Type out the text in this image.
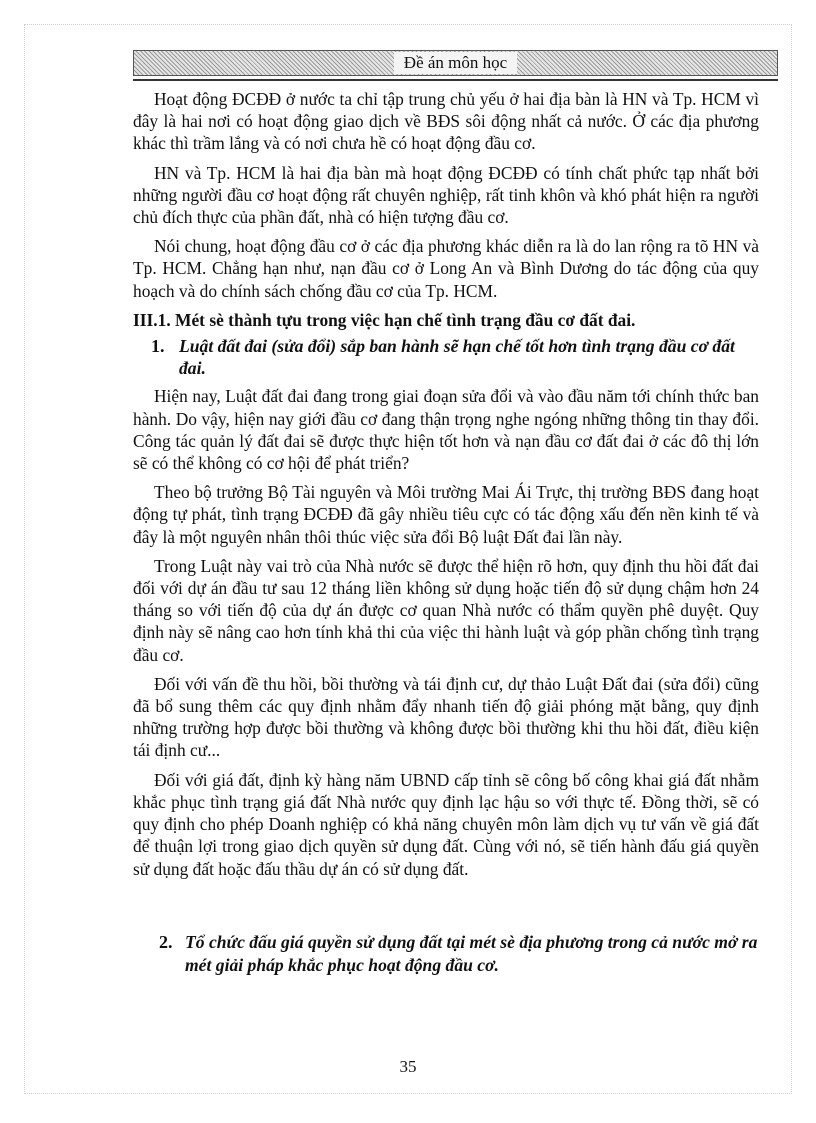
Đề án môn học

Hoạt động ĐCĐĐ ở nước ta chỉ tập trung chủ yếu ở hai địa bàn là HN và Tp. HCM vì đây là hai nơi có hoạt động giao dịch về BĐS sôi động nhất cả nước. Ở các địa phương khác thì trầm lắng và có nơi chưa hề có hoạt động đầu cơ.

HN và Tp. HCM là hai địa bàn mà hoạt động ĐCĐĐ có tính chất phức tạp nhất bởi những người đầu cơ hoạt động rất chuyên nghiệp, rất tinh khôn và khó phát hiện ra người chủ đích thực của phần đất, nhà có hiện tượng đầu cơ.

Nói chung, hoạt động đầu cơ ở các địa phương khác diễn ra là do lan rộng ra tõ HN và Tp. HCM. Chẳng hạn như, nạn đầu cơ ở Long An và Bình Dương do tác động của quy hoạch và do chính sách chống đầu cơ của Tp. HCM.

III.1. Mét sè thành tựu trong việc hạn chế tình trạng đầu cơ đất đai.
1. Luật đất đai (sửa đổi) sắp ban hành sẽ hạn chế tốt hơn tình trạng đầu cơ đất đai.

Hiện nay, Luật đất đai đang trong giai đoạn sửa đổi và vào đầu năm tới chính thức ban hành. Do vậy, hiện nay giới đầu cơ đang thận trọng nghe ngóng những thông tin thay đổi. Công tác quản lý đất đai sẽ được thực hiện tốt hơn và nạn đầu cơ đất đai ở các đô thị lớn sẽ có thể không có cơ hội để phát triển?

Theo bộ trưởng Bộ Tài nguyên và Môi trường Mai Ái Trực, thị trường BĐS đang hoạt động tự phát, tình trạng ĐCĐĐ đã gây nhiều tiêu cực có tác động xấu đến nền kinh tế và đây là một nguyên nhân thôi thúc việc sửa đổi Bộ luật Đất đai lần này.

Trong Luật này vai trò của Nhà nước sẽ được thể hiện rõ hơn, quy định thu hồi đất đai đối với dự án đầu tư sau 12 tháng liền không sử dụng hoặc tiến độ sử dụng chậm hơn 24 tháng so với tiến độ của dự án được cơ quan Nhà nước có thẩm quyền phê duyệt. Quy định này sẽ nâng cao hơn tính khả thi của việc thi hành luật và góp phần chống tình trạng đầu cơ.

Đối với vấn đề thu hồi, bồi thường và tái định cư, dự thảo Luật Đất đai (sửa đổi) cũng đã bổ sung thêm các quy định nhằm đẩy nhanh tiến độ giải phóng mặt bằng, quy định những trường hợp được bồi thường và không được bồi thường khi thu hồi đất, điều kiện tái định cư...

Đối với giá đất, định kỳ hàng năm UBND cấp tỉnh sẽ công bố công khai giá đất nhằm khắc phục tình trạng giá đất Nhà nước quy định lạc hậu so với thực tế. Đồng thời, sẽ có quy định cho phép Doanh nghiệp có khả năng chuyên môn làm dịch vụ tư vấn về giá đất để thuận lợi trong giao dịch quyền sử dụng đất. Cùng với nó, sẽ tiến hành đấu giá quyền sử dụng đất hoặc đấu thầu dự án có sử dụng đất.

2. Tổ chức đấu giá quyền sử dụng đất tại mét sè địa phương trong cả nước mở ra mét giải pháp khắc phục hoạt động đầu cơ.
35
